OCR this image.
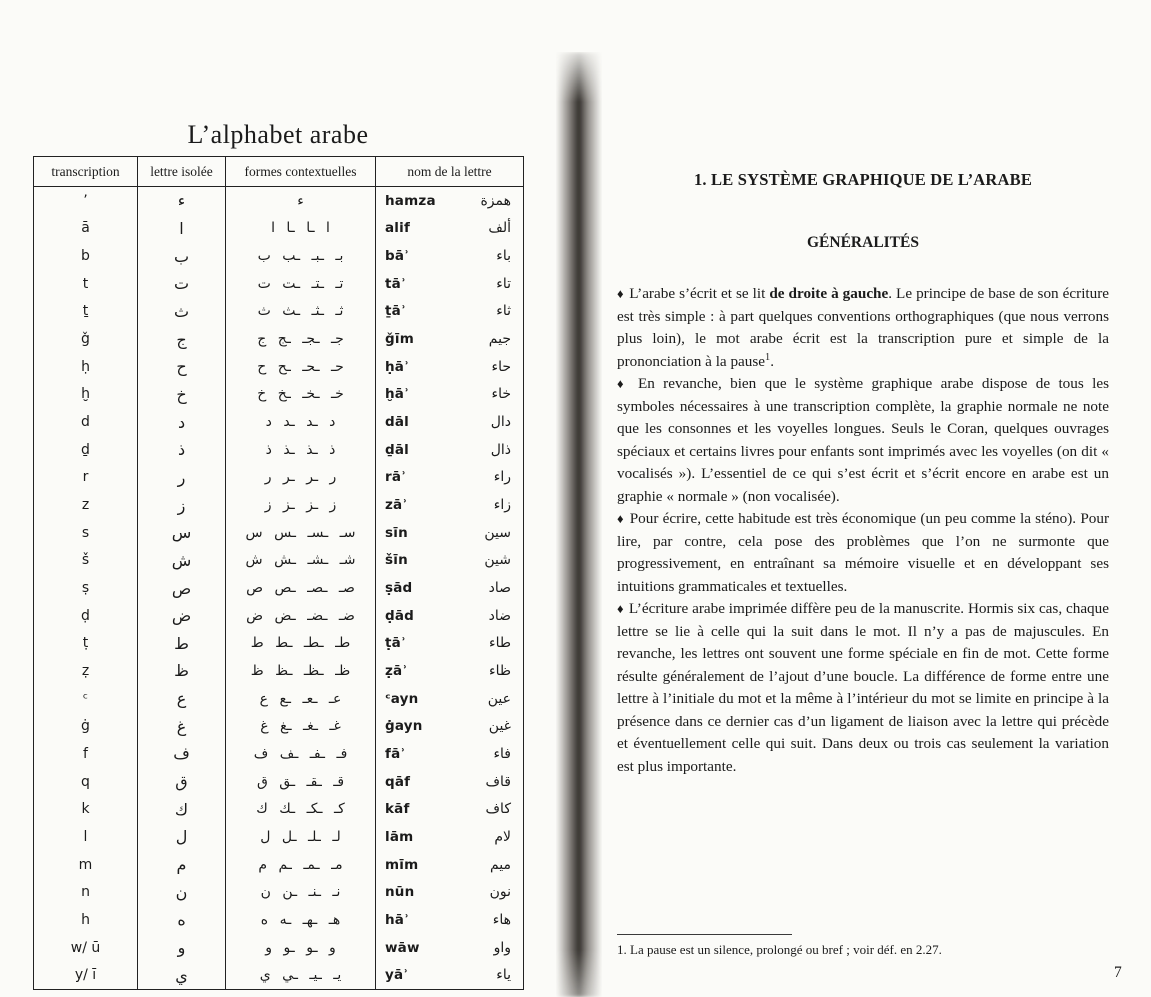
L’alphabet arabe
transcription	lettre isolée	formes contextuelles	nom de la lettre
’	ء	ء	hamza	همزة
ā	ا	ا ـا ـا ا	alif	ألف
b	ب	بـ ـبـ ـب ب	bāʾ	باء
t	ت	تـ ـتـ ـت ت	tāʾ	تاء
ṯ	ث	ثـ ـثـ ـث ث	ṯāʾ	ثاء
ǧ	ج	جـ ـجـ ـج ج	ǧīm	جيم
ḥ	ح	حـ ـحـ ـح ح	ḥāʾ	حاء
ḫ	خ	خـ ـخـ ـخ خ	ḫāʾ	خاء
d	د	د ـد ـد د	dāl	دال
ḏ	ذ	ذ ـذ ـذ ذ	ḏāl	ذال
r	ر	ر ـر ـر ر	rāʾ	راء
z	ز	ز ـز ـز ز	zāʾ	زاء
s	س	سـ ـسـ ـس س	sīn	سين
š	ش	شـ ـشـ ـش ش	šīn	شين
ṣ	ص	صـ ـصـ ـص ص	ṣād	صاد
ḍ	ض	ضـ ـضـ ـض ض	ḍād	ضاد
ṭ	ط	طـ ـطـ ـط ط	ṭāʾ	طاء
ẓ	ظ	ظـ ـظـ ـظ ظ	ẓāʾ	ظاء
ᶜ	ع	عـ ـعـ ـع ع	ᶜayn	عين
ġ	غ	غـ ـغـ ـغ غ	ġayn	غين
f	ف	فـ ـفـ ـف ف	fāʾ	فاء
q	ق	قـ ـقـ ـق ق	qāf	قاف
k	ك	كـ ـكـ ـك ك	kāf	كاف
l	ل	لـ ـلـ ـل ل	lām	لام
m	م	مـ ـمـ ـم م	mīm	ميم
n	ن	نـ ـنـ ـن ن	nūn	نون
h	ه	هـ ـهـ ـه ه	hāʾ	هاء
w/ ū	و	و ـو ـو و	wāw	واو
y/ ī	ي	يـ ـيـ ـي ي	yāʾ	ياء
1. LE SYSTÈME GRAPHIQUE DE L’ARABE
GÉNÉRALITÉS

♦ L’arabe s’écrit et se lit de droite à gauche. Le principe de base de son écriture est très simple : à part quelques conventions orthographiques (que nous verrons plus loin), le mot arabe écrit est la transcription pure et simple de la prononciation à la pause$^1$.

♦ En revanche, bien que le système graphique arabe dispose de tous les symboles nécessaires à une transcription complète, la graphie normale ne note que les consonnes et les voyelles longues. Seuls le Coran, quelques ouvrages spéciaux et certains livres pour enfants sont imprimés avec les voyelles (on dit « vocalisés »). L’essentiel de ce qui s’est écrit et s’écrit encore en arabe est un graphie « normale » (non vocalisée).

♦ Pour écrire, cette habitude est très économique (un peu comme la sténo). Pour lire, par contre, cela pose des problèmes que l’on ne surmonte que progressivement, en entraînant sa mémoire visuelle et en développant ses intuitions grammaticales et textuelles.

♦ L’écriture arabe imprimée diffère peu de la manuscrite. Hormis six cas, chaque lettre se lie à celle qui la suit dans le mot. Il n’y a pas de majuscules. En revanche, les lettres ont souvent une forme spéciale en fin de mot. Cette forme résulte généralement de l’ajout d’une boucle. La différence de forme entre une lettre à l’initiale du mot et la même à l’intérieur du mot se limite en principe à la présence dans ce dernier cas d’un ligament de liaison avec la lettre qui précède et éventuellement celle qui suit. Dans deux ou trois cas seulement la variation est plus importante.

1. La pause est un silence, prolongé ou bref ; voir déf. en 2.27.
7
